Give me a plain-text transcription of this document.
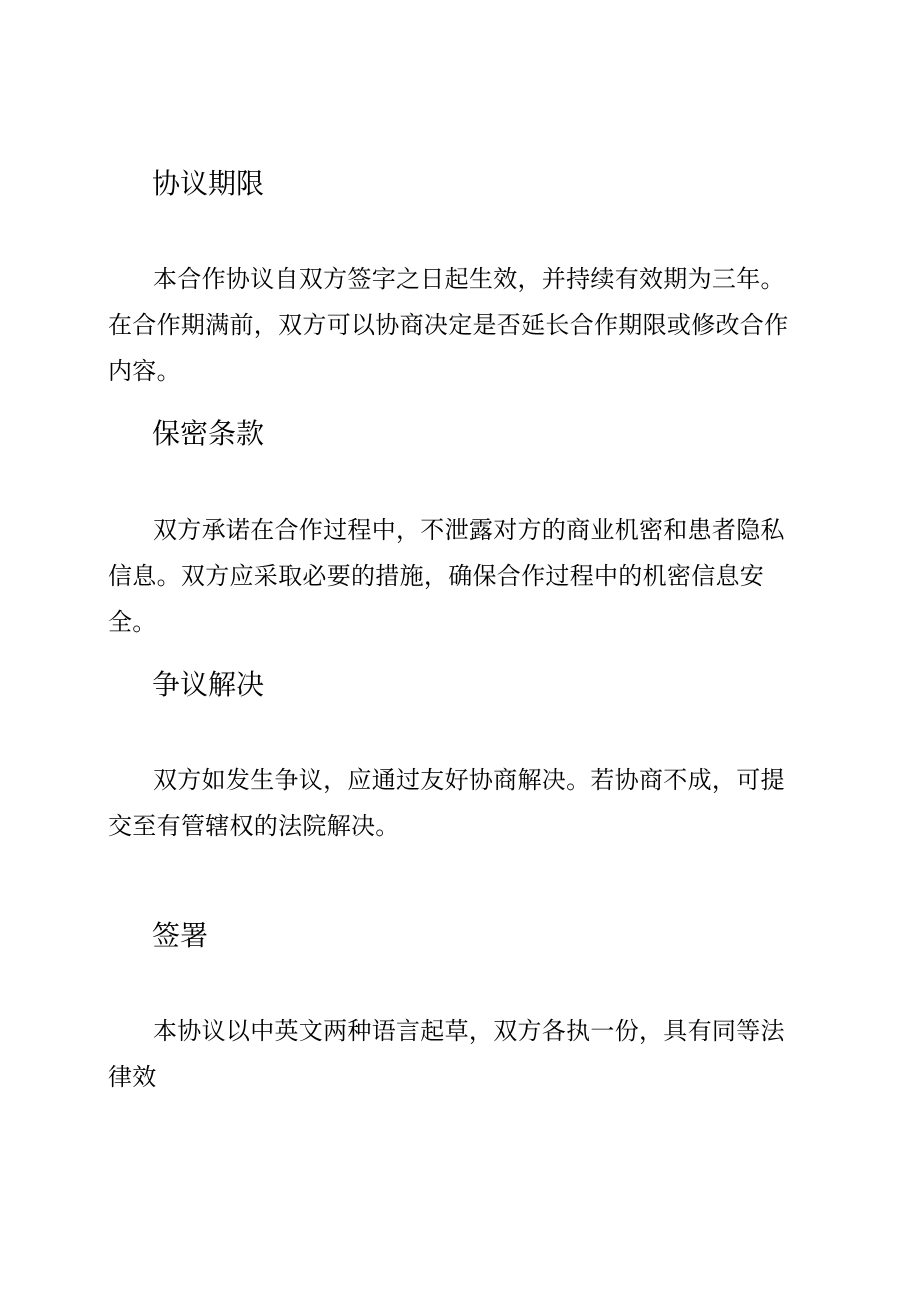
协议期限

本合作协议自双方签字之日起生效，并持续有效期为三年。在合作期满前，双方可以协商决定是否延长合作期限或修改合作内容。

保密条款

双方承诺在合作过程中，不泄露对方的商业机密和患者隐私信息。双方应采取必要的措施，确保合作过程中的机密信息安全。

争议解决

双方如发生争议，应通过友好协商解决。若协商不成，可提交至有管辖权的法院解决。

签署

本协议以中英文两种语言起草，双方各执一份，具有同等法律效
